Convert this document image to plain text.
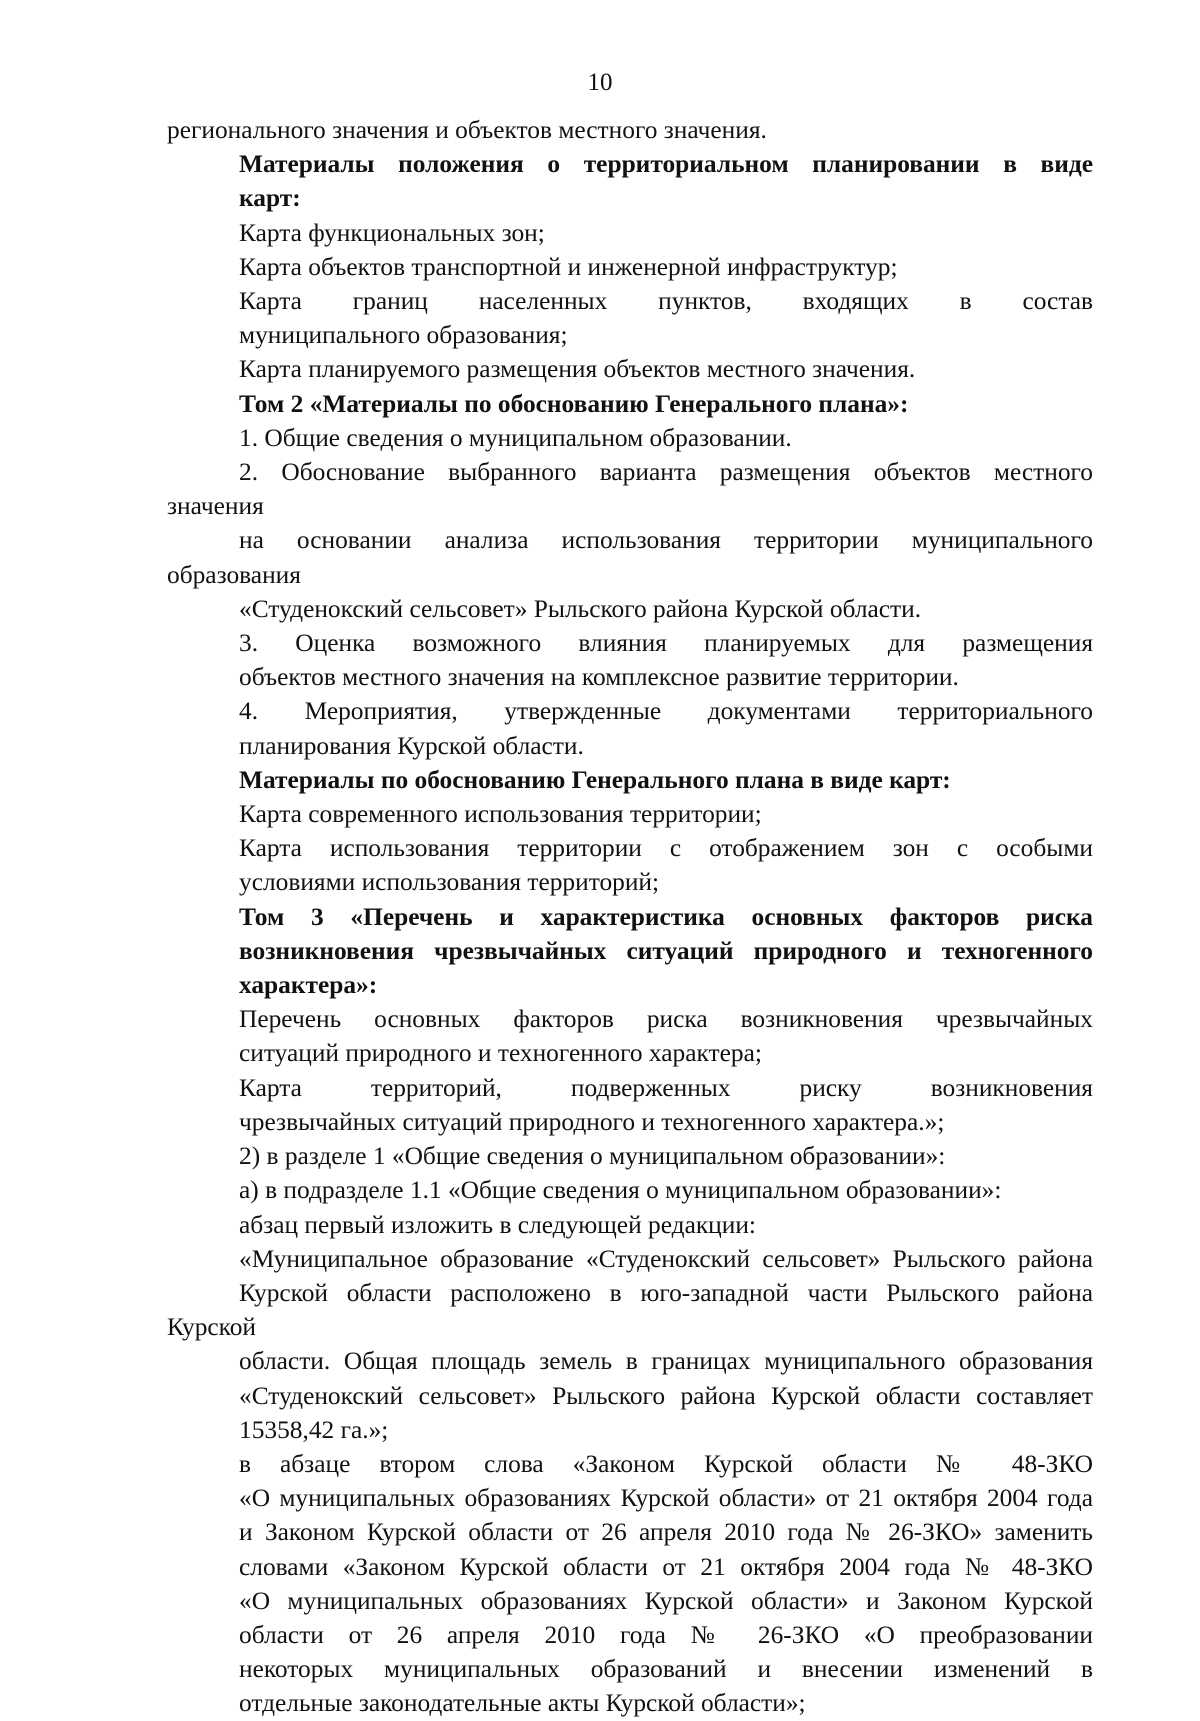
10

регионального значения и объектов местного значения.

Материалы положения о территориальном планировании в виде
карт:

Карта функциональных зон;

Карта объектов транспортной и инженерной инфраструктур;

Карта границ населенных пунктов, входящих в состав
муниципального образования;

Карта планируемого размещения объектов местного значения.

Том 2 «Материалы по обоснованию Генерального плана»:

1. Общие сведения о муниципальном образовании.

2. Обоснование выбранного варианта размещения объектов местного значения
на основании анализа использования территории муниципального образования
«Студенокский сельсовет» Рыльского района Курской области.

3. Оценка возможного влияния планируемых для размещения
объектов местного значения на комплексное развитие территории.

4. Мероприятия, утвержденные документами территориального
планирования Курской области.

Материалы по обоснованию Генерального плана в виде карт:

Карта современного использования территории;

Карта использования территории с отображением зон с особыми
условиями использования территорий;

Том 3 «Перечень и характеристика основных факторов риска
возникновения чрезвычайных ситуаций природного и техногенного
характера»:

Перечень основных факторов риска возникновения чрезвычайных
ситуаций природного и техногенного характера;

Карта территорий, подверженных риску возникновения
чрезвычайных ситуаций природного и техногенного характера.»;

2) в разделе 1 «Общие сведения о муниципальном образовании»:

а) в подразделе 1.1 «Общие сведения о муниципальном образовании»:

абзац первый изложить в следующей редакции:

«Муниципальное образование «Студенокский сельсовет» Рыльского района
Курской области расположено в юго-западной части Рыльского района Курской
области. Общая площадь земель в границах муниципального образования
«Студенокский сельсовет» Рыльского района Курской области составляет
15358,42 га.»;

в абзаце втором слова «Законом Курской области № 48-ЗКО
«О муниципальных образованиях Курской области» от 21 октября 2004 года
и Законом Курской области от 26 апреля 2010 года № 26-ЗКО» заменить
словами «Законом Курской области от 21 октября 2004 года № 48-ЗКО
«О муниципальных образованиях Курской области» и Законом Курской
области от 26 апреля 2010 года № 26-ЗКО «О преобразовании
некоторых муниципальных образований и внесении изменений в
отдельные законодательные акты Курской области»;
